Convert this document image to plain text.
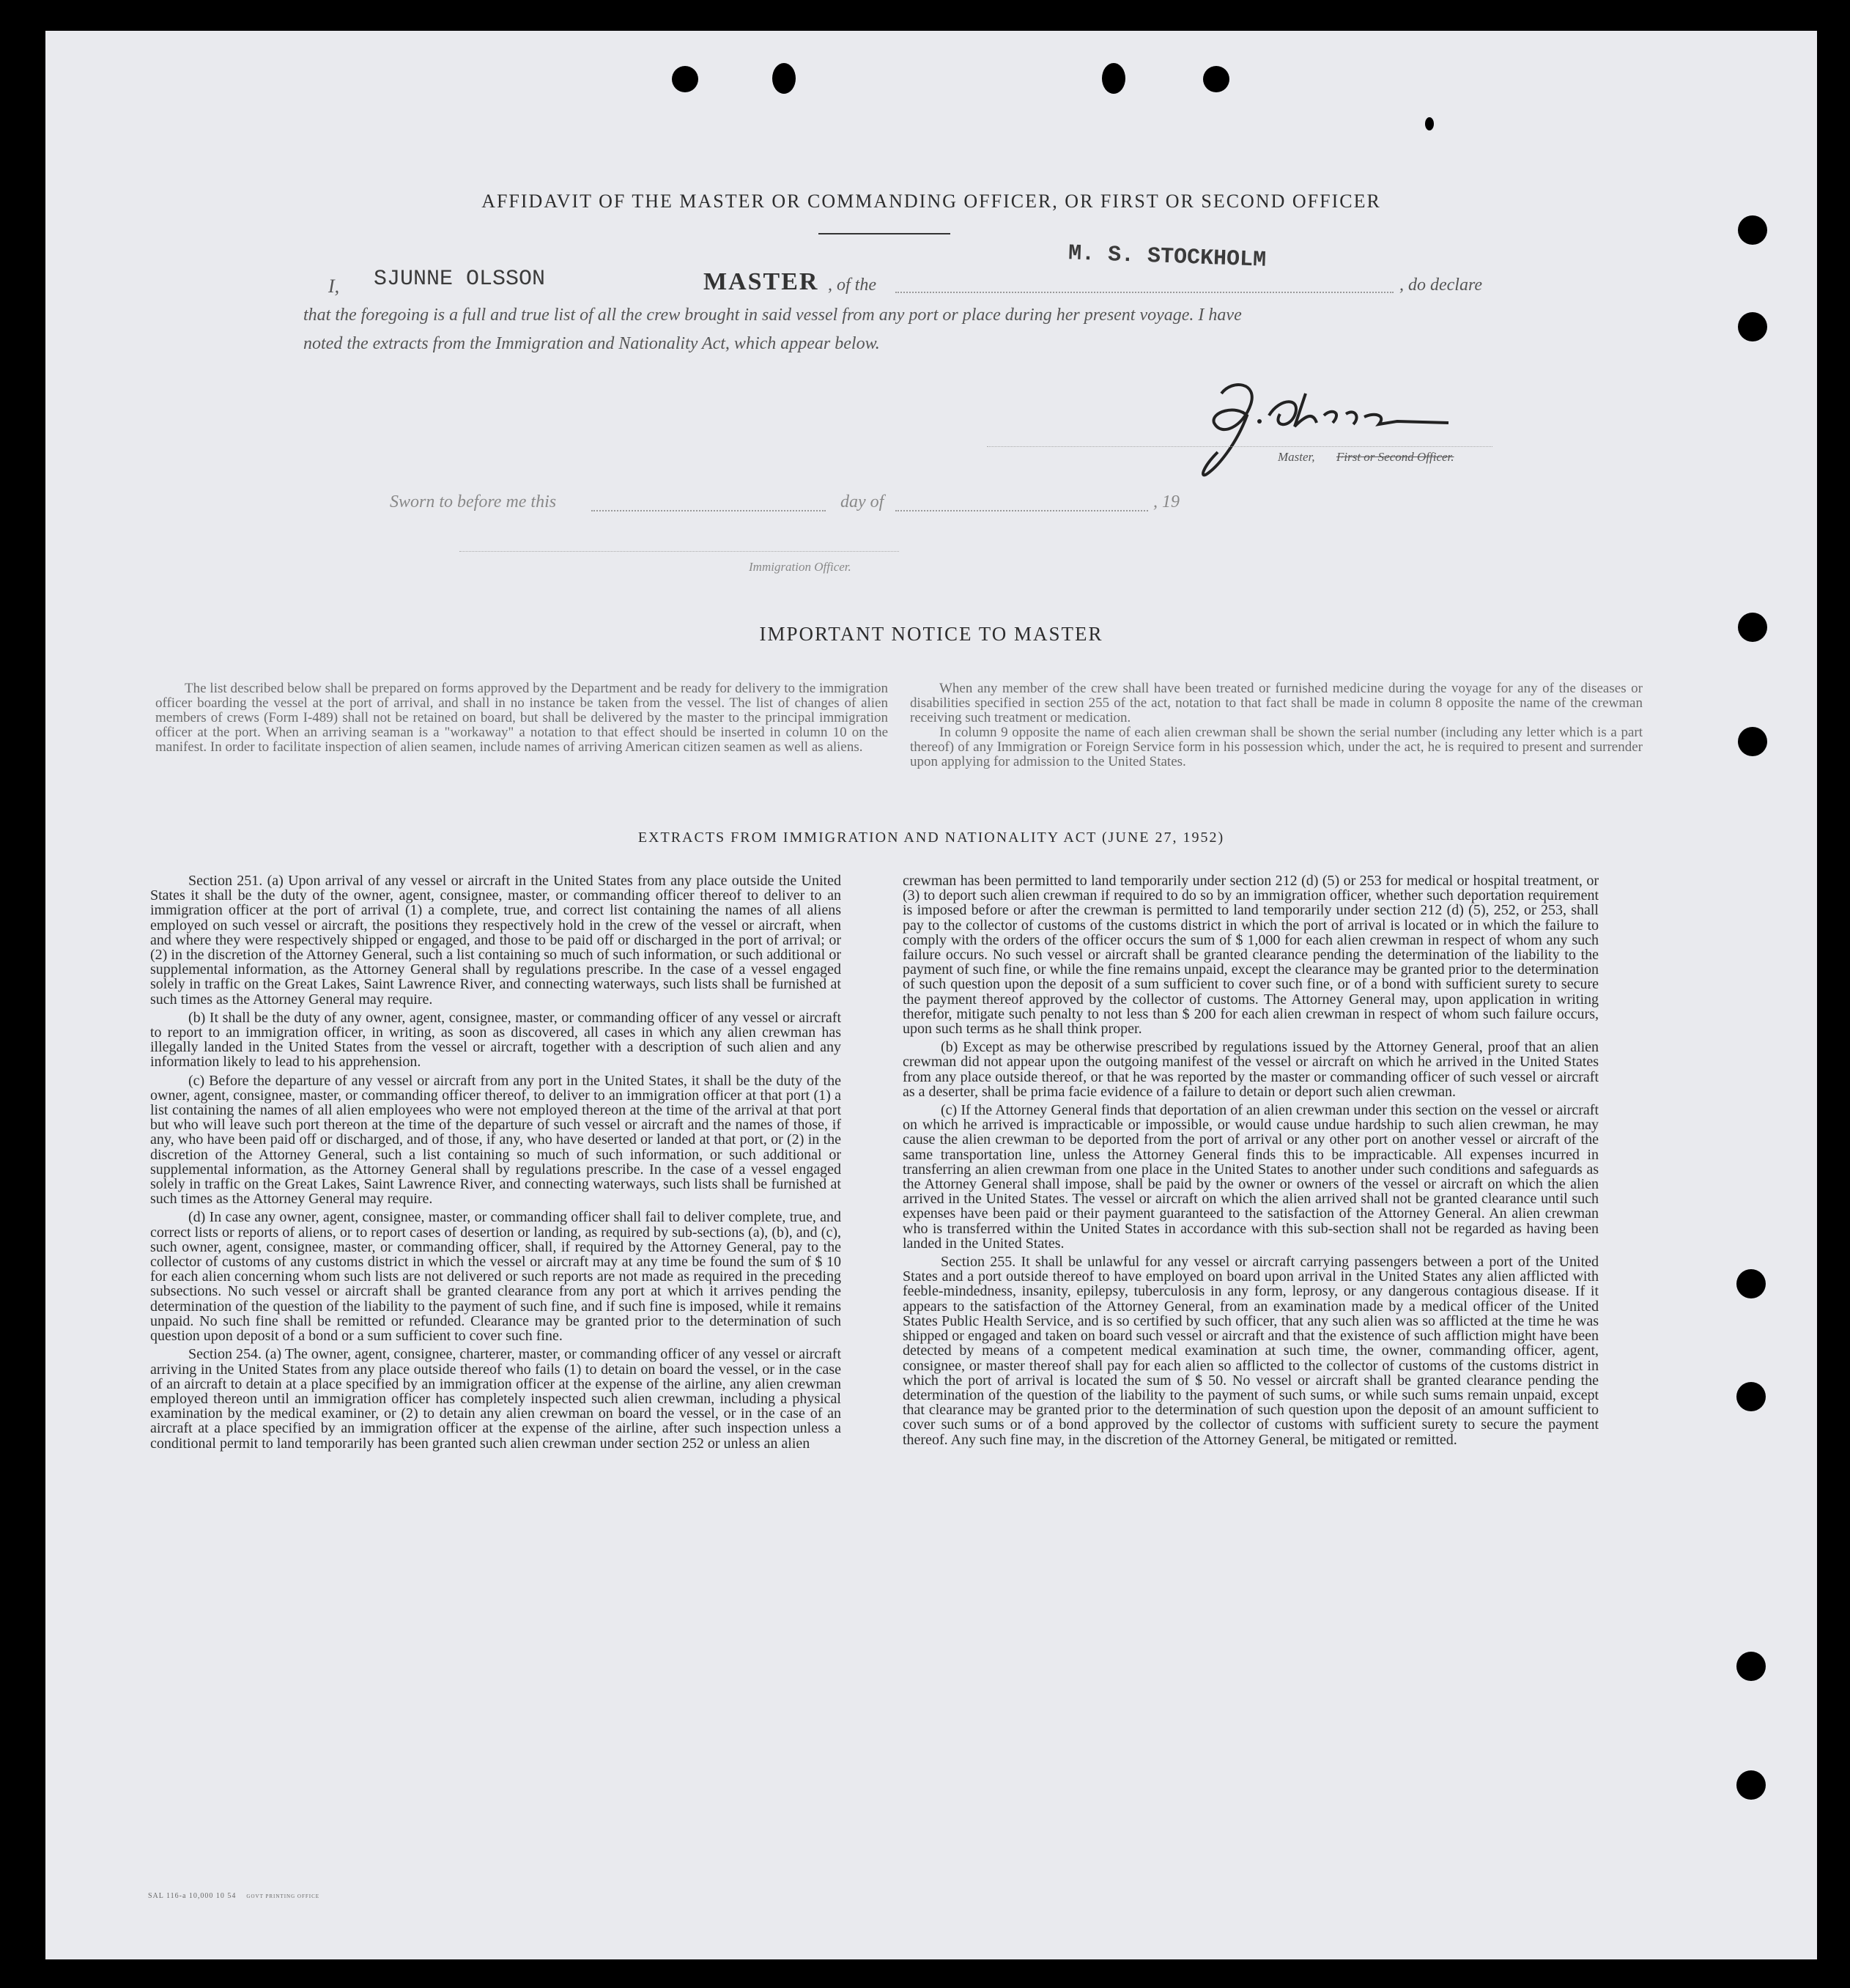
AFFIDAVIT OF THE MASTER OR COMMANDING OFFICER, OR FIRST OR SECOND OFFICER
I, SJUNNE OLSSON	MASTER , of the
M. S. STOCKHOLM
, do declare
that the foregoing is a full and true list of all the crew brought in said vessel from any port or place during her present voyage. I have
noted the extracts from the Immigration and Nationality Act, which appear below.
Master, First or Second Officer.
Sworn to before me this	day of	, 19
Immigration Officer.
IMPORTANT NOTICE TO MASTER

The list described below shall be prepared on forms approved by the Department and be ready for delivery to the immigration officer boarding the vessel at the port of arrival, and shall in no instance be taken from the vessel. The list of changes of alien members of crews (Form I-489) shall not be retained on board, but shall be delivered by the master to the principal immigration officer at the port. When an arriving seaman is a "workaway" a notation to that effect should be inserted in column 10 on the manifest. In order to facilitate inspection of alien seamen, include names of arriving American citizen seamen as well as aliens.

When any member of the crew shall have been treated or furnished medicine during the voyage for any of the diseases or disabilities specified in section 255 of the act, notation to that fact shall be made in column 8 opposite the name of the crewman receiving such treatment or medication.

In column 9 opposite the name of each alien crewman shall be shown the serial number (including any letter which is a part thereof) of any Immigration or Foreign Service form in his possession which, under the act, he is required to present and surrender upon applying for admission to the United States.

EXTRACTS FROM IMMIGRATION AND NATIONALITY ACT (JUNE 27, 1952)

Section 251. (a) Upon arrival of any vessel or aircraft in the United States from any place outside the United States it shall be the duty of the owner, agent, consignee, master, or commanding officer thereof to deliver to an immigration officer at the port of arrival (1) a complete, true, and correct list containing the names of all aliens employed on such vessel or aircraft, the positions they respectively hold in the crew of the vessel or aircraft, when and where they were respectively shipped or engaged, and those to be paid off or discharged in the port of arrival; or (2) in the discretion of the Attorney General, such a list containing so much of such information, or such additional or supplemental information, as the Attorney General shall by regulations prescribe. In the case of a vessel engaged solely in traffic on the Great Lakes, Saint Lawrence River, and connecting waterways, such lists shall be furnished at such times as the Attorney General may require.

(b) It shall be the duty of any owner, agent, consignee, master, or commanding officer of any vessel or aircraft to report to an immigration officer, in writing, as soon as discovered, all cases in which any alien crewman has illegally landed in the United States from the vessel or aircraft, together with a description of such alien and any information likely to lead to his apprehension.

(c) Before the departure of any vessel or aircraft from any port in the United States, it shall be the duty of the owner, agent, consignee, master, or commanding officer thereof, to deliver to an immigration officer at that port (1) a list containing the names of all alien employees who were not employed thereon at the time of the arrival at that port but who will leave such port thereon at the time of the departure of such vessel or aircraft and the names of those, if any, who have been paid off or discharged, and of those, if any, who have deserted or landed at that port, or (2) in the discretion of the Attorney General, such a list containing so much of such information, or such additional or supplemental information, as the Attorney General shall by regulations prescribe. In the case of a vessel engaged solely in traffic on the Great Lakes, Saint Lawrence River, and connecting waterways, such lists shall be furnished at such times as the Attorney General may require.

(d) In case any owner, agent, consignee, master, or commanding officer shall fail to deliver complete, true, and correct lists or reports of aliens, or to report cases of desertion or landing, as required by sub-sections (a), (b), and (c), such owner, agent, consignee, master, or commanding officer, shall, if required by the Attorney General, pay to the collector of customs of any customs district in which the vessel or aircraft may at any time be found the sum of $ 10 for each alien concerning whom such lists are not delivered or such reports are not made as required in the preceding subsections. No such vessel or aircraft shall be granted clearance from any port at which it arrives pending the determination of the question of the liability to the payment of such fine, and if such fine is imposed, while it remains unpaid. No such fine shall be remitted or refunded. Clearance may be granted prior to the determination of such question upon deposit of a bond or a sum sufficient to cover such fine.

Section 254. (a) The owner, agent, consignee, charterer, master, or commanding officer of any vessel or aircraft arriving in the United States from any place outside thereof who fails (1) to detain on board the vessel, or in the case of an aircraft to detain at a place specified by an immigration officer at the expense of the airline, any alien crewman employed thereon until an immigration officer has completely inspected such alien crewman, including a physical examination by the medical examiner, or (2) to detain any alien crewman on board the vessel, or in the case of an aircraft at a place specified by an immigration officer at the expense of the airline, after such inspection unless a conditional permit to land temporarily has been granted such alien crewman under section 252 or unless an alien

crewman has been permitted to land temporarily under section 212 (d) (5) or 253 for medical or hospital treatment, or (3) to deport such alien crewman if required to do so by an immigration officer, whether such deportation requirement is imposed before or after the crewman is permitted to land temporarily under section 212 (d) (5), 252, or 253, shall pay to the collector of customs of the customs district in which the port of arrival is located or in which the failure to comply with the orders of the officer occurs the sum of $ 1,000 for each alien crewman in respect of whom any such failure occurs. No such vessel or aircraft shall be granted clearance pending the determination of the liability to the payment of such fine, or while the fine remains unpaid, except the clearance may be granted prior to the determination of such question upon the deposit of a sum sufficient to cover such fine, or of a bond with sufficient surety to secure the payment thereof approved by the collector of customs. The Attorney General may, upon application in writing therefor, mitigate such penalty to not less than $ 200 for each alien crewman in respect of whom such failure occurs, upon such terms as he shall think proper.

(b) Except as may be otherwise prescribed by regulations issued by the Attorney General, proof that an alien crewman did not appear upon the outgoing manifest of the vessel or aircraft on which he arrived in the United States from any place outside thereof, or that he was reported by the master or commanding officer of such vessel or aircraft as a deserter, shall be prima facie evidence of a failure to detain or deport such alien crewman.

(c) If the Attorney General finds that deportation of an alien crewman under this section on the vessel or aircraft on which he arrived is impracticable or impossible, or would cause undue hardship to such alien crewman, he may cause the alien crewman to be deported from the port of arrival or any other port on another vessel or aircraft of the same transportation line, unless the Attorney General finds this to be impracticable. All expenses incurred in transferring an alien crewman from one place in the United States to another under such conditions and safeguards as the Attorney General shall impose, shall be paid by the owner or owners of the vessel or aircraft on which the alien arrived in the United States. The vessel or aircraft on which the alien arrived shall not be granted clearance until such expenses have been paid or their payment guaranteed to the satisfaction of the Attorney General. An alien crewman who is transferred within the United States in accordance with this sub-section shall not be regarded as having been landed in the United States.

Section 255. It shall be unlawful for any vessel or aircraft carrying passengers between a port of the United States and a port outside thereof to have employed on board upon arrival in the United States any alien afflicted with feeble-mindedness, insanity, epilepsy, tuberculosis in any form, leprosy, or any dangerous contagious disease. If it appears to the satisfaction of the Attorney General, from an examination made by a medical officer of the United States Public Health Service, and is so certified by such officer, that any such alien was so afflicted at the time he was shipped or engaged and taken on board such vessel or aircraft and that the existence of such affliction might have been detected by means of a competent medical examination at such time, the owner, commanding officer, agent, consignee, or master thereof shall pay for each alien so afflicted to the collector of customs of the customs district in which the port of arrival is located the sum of $ 50. No vessel or aircraft shall be granted clearance pending the determination of the question of the liability to the payment of such sums, or while such sums remain unpaid, except that clearance may be granted prior to the determination of such question upon the deposit of an amount sufficient to cover such sums or of a bond approved by the collector of customs with sufficient surety to secure the payment thereof. Any such fine may, in the discretion of the Attorney General, be mitigated or remitted.

SAL 116-a 10,000 10 54 GOVT PRINTING OFFICE
